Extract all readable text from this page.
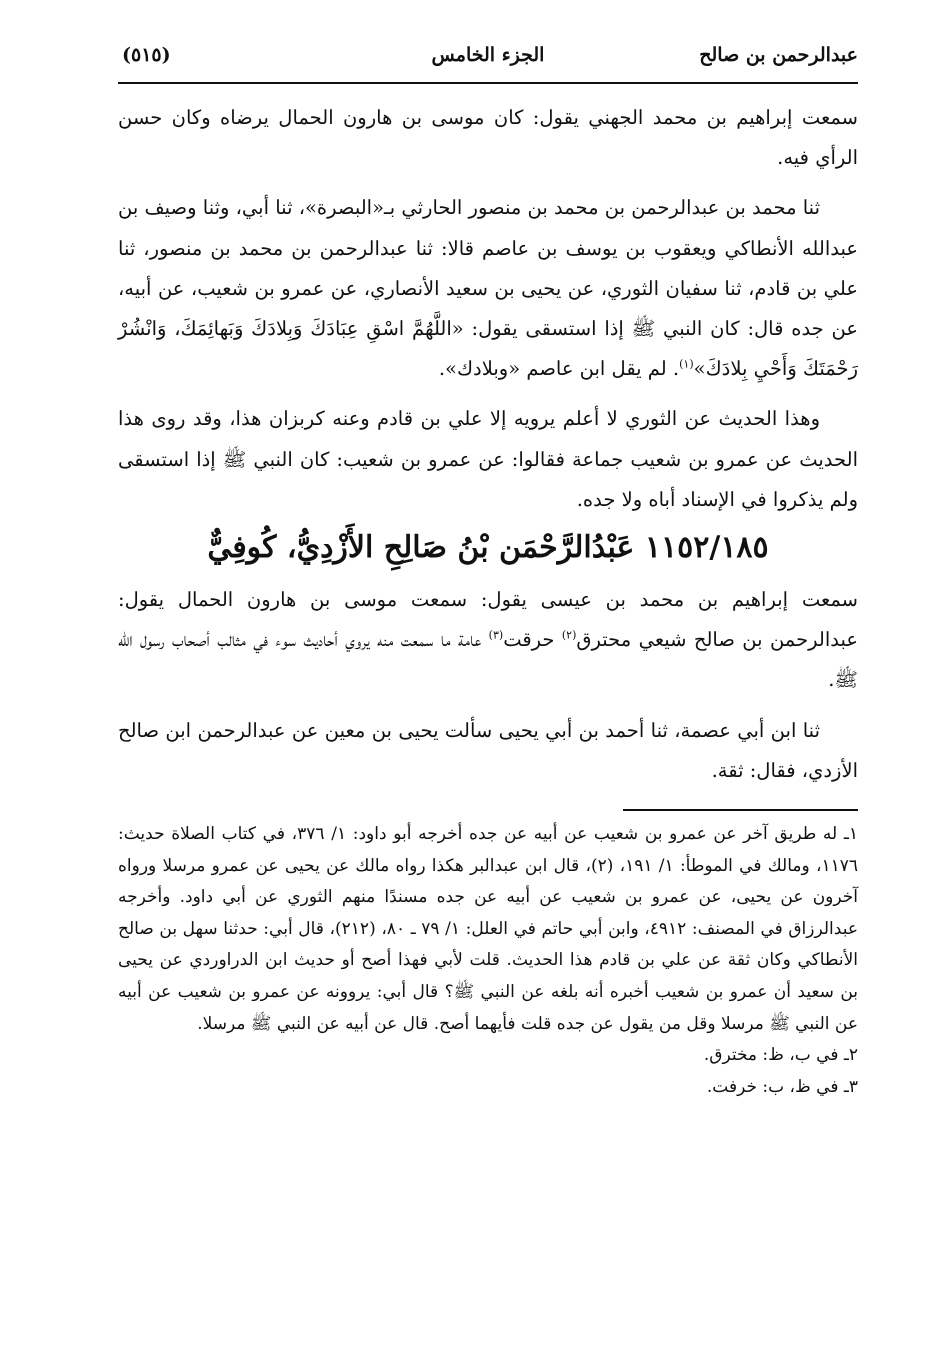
عبدالرحمن بن صالح
الجزء الخامس
(٥١٥)

سمعت إبراهيم بن محمد الجهني يقول: كان موسى بن هارون الحمال يرضاه وكان حسن الرأي فيه.

ثنا محمد بن عبدالرحمن بن محمد بن منصور الحارثي بـ«البصرة»، ثنا أبي، وثنا وصيف بن عبدالله الأنطاكي ويعقوب بن يوسف بن عاصم قالا: ثنا عبدالرحمن بن محمد بن منصور، ثنا علي بن قادم، ثنا سفيان الثوري، عن يحيى بن سعيد الأنصاري، عن عمرو بن شعيب، عن أبيه، عن جده قال: كان النبي ﷺ إذا استسقى يقول: «اللَّهُمَّ اسْقِ عِبَادَكَ وَبِلادَكَ وَبَهائِمَكَ، وَانْشُرْ رَحْمَتَكَ وَأَحْيِ بِلادَكَ»$^{(١)}$. لم يقل ابن عاصم «وبلادك».

وهذا الحديث عن الثوري لا أعلم يرويه إلا علي بن قادم وعنه كربزان هذا، وقد روى هذا الحديث عن عمرو بن شعيب جماعة فقالوا: عن عمرو بن شعيب: كان النبي ﷺ إذا استسقى ولم يذكروا في الإسناد أباه ولا جده.

١١٥٢/١٨٥ عَبْدُالرَّحْمَن بْنُ صَالِحِ الأَزْدِيُّ، كُوفِيٌّ

سمعت إبراهيم بن محمد بن عيسى يقول: سمعت موسى بن هارون الحمال يقول: عبدالرحمن بن صالح شيعي محترق$^{(٢)}$ حرقت$^{(٣)}$ عامة ما سمعت منه يروي أحاديث سوء في مثالب أصحاب رسول الله ﷺ.

ثنا ابن أبي عصمة، ثنا أحمد بن أبي يحيى سألت يحيى بن معين عن عبدالرحمن ابن صالح الأزدي، فقال: ثقة.

١ـ له طريق آخر عن عمرو بن شعيب عن أبيه عن جده أخرجه أبو داود: ١/ ٣٧٦، في كتاب الصلاة حديث: ١١٧٦، ومالك في الموطأ: ١/ ١٩١، (٢)، قال ابن عبدالبر هكذا رواه مالك عن يحيى عن عمرو مرسلا ورواه آخرون عن يحيى، عن عمرو بن شعيب عن أبيه عن جده مسندًا منهم الثوري عن أبي داود. وأخرجه عبدالرزاق في المصنف: ٤٩١٢، وابن أبي حاتم في العلل: ١/ ٧٩ ـ ٨٠، (٢١٢)، قال أبي: حدثنا سهل بن صالح الأنطاكي وكان ثقة عن علي بن قادم هذا الحديث. قلت لأبي فهذا أصح أو حديث ابن الدراوردي عن يحيى بن سعيد أن عمرو بن شعيب أخبره أنه بلغه عن النبي ﷺ؟ قال أبي: يروونه عن عمرو بن شعيب عن أبيه عن النبي ﷺ مرسلا وقل من يقول عن جده قلت فأيهما أصح. قال عن أبيه عن النبي ﷺ مرسلا.

٢ـ في ب، ظ: مخترق.

٣ـ في ظ، ب: خرفت.
